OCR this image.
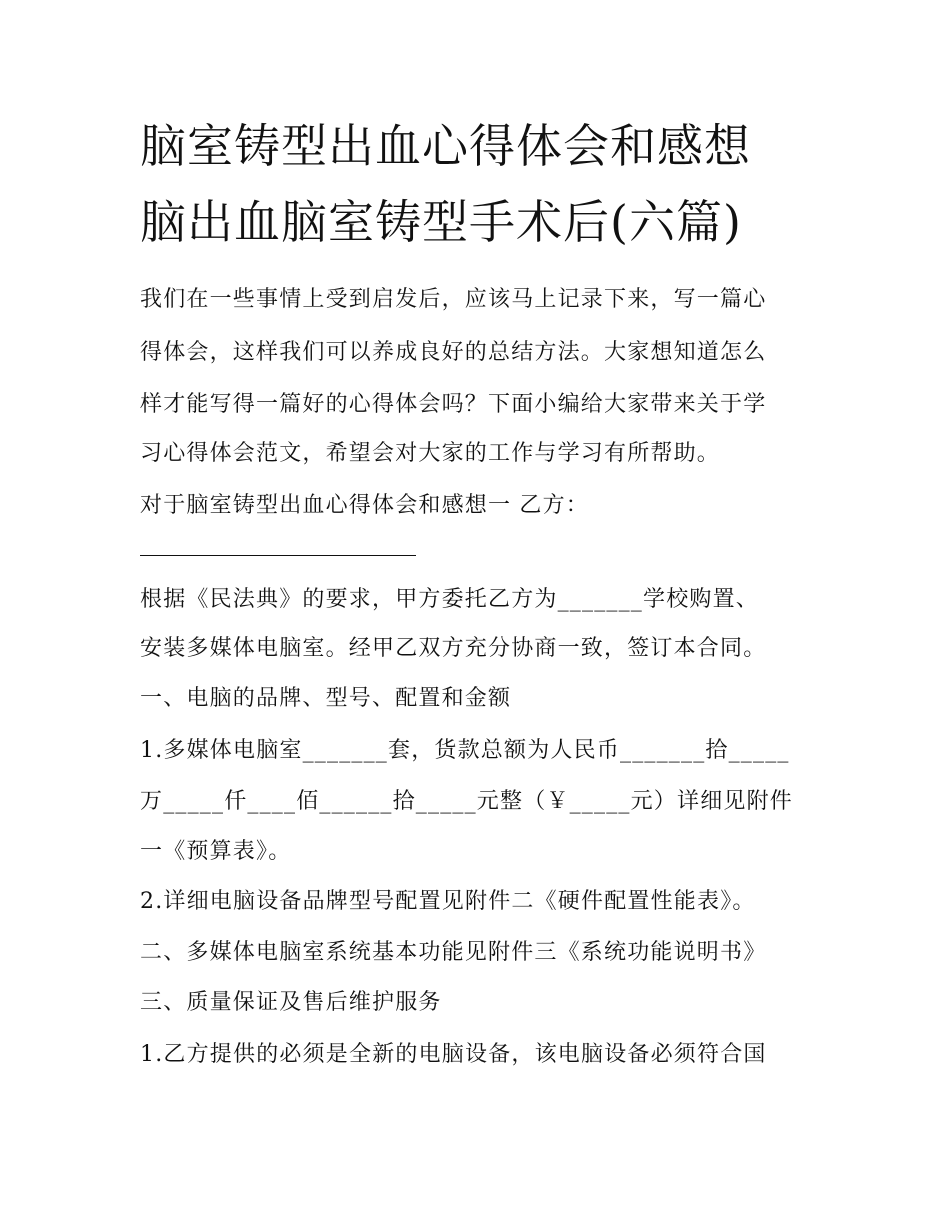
脑室铸型出血心得体会和感想
脑出血脑室铸型手术后(六篇)

我们在一些事情上受到启发后，应该马上记录下来，写一篇心

得体会，这样我们可以养成良好的总结方法。大家想知道怎么

样才能写得一篇好的心得体会吗？下面小编给大家带来关于学

习心得体会范文，希望会对大家的工作与学习有所帮助。

对于脑室铸型出血心得体会和感想一 乙方：

根据《民法典》的要求，甲方委托乙方为_______学校购置、

安装多媒体电脑室。经甲乙双方充分协商一致，签订本合同。

一、电脑的品牌、型号、配置和金额

1.多媒体电脑室_______套，货款总额为人民币_______拾_____

万_____仟____佰______拾_____元整（￥_____元）详细见附件

一《预算表》。

2.详细电脑设备品牌型号配置见附件二《硬件配置性能表》。

二、多媒体电脑室系统基本功能见附件三《系统功能说明书》

三、质量保证及售后维护服务

1.乙方提供的必须是全新的电脑设备，该电脑设备必须符合国
